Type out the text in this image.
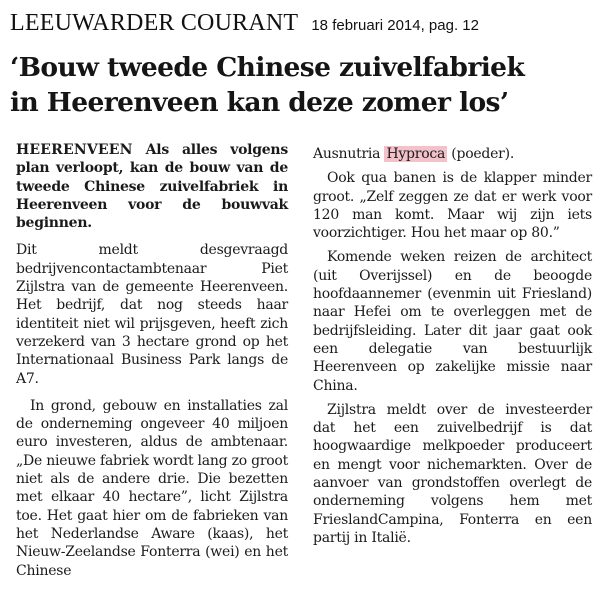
LEEUWARDER COURANT 18 februari 2014, pag. 12
‘Bouw tweede Chinese zuivelfabriek
in Heerenveen kan deze zomer los’

HEERENVEEN Als alles volgens plan verloopt, kan de bouw van de tweede Chinese zuivelfabriek in Heerenveen voor de bouwvak beginnen.

Dit meldt desgevraagd bedrijvencontactambtenaar Piet Zijlstra van de gemeente Heerenveen. Het bedrijf, dat nog steeds haar identiteit niet wil prijsgeven, heeft zich verzekerd van 3 hectare grond op het Internationaal Business Park langs de A7.

In grond, gebouw en installaties zal de onderneming ongeveer 40 miljoen euro investeren, aldus de ambtenaar. „De nieuwe fabriek wordt lang zo groot niet als de andere drie. Die bezetten met elkaar 40 hectare”, licht Zijlstra toe. Het gaat hier om de fabrieken van het Nederlandse Aware (kaas), het Nieuw-Zeelandse Fonterra (wei) en het Chinese

Ausnutria Hyproca (poeder).

Ook qua banen is de klapper minder groot. „Zelf zeggen ze dat er werk voor 120 man komt. Maar wij zijn iets voorzichtiger. Hou het maar op 80.”

Komende weken reizen de architect (uit Overijssel) en de beoogde hoofdaannemer (evenmin uit Friesland) naar Hefei om te overleggen met de bedrijfsleiding. Later dit jaar gaat ook een delegatie van bestuurlijk Heerenveen op zakelijke missie naar China.

Zijlstra meldt over de investeerder dat het een zuivelbedrijf is dat hoogwaardige melkpoeder produceert en mengt voor nichemarkten. Over de aanvoer van grondstoffen overlegt de onderneming volgens hem met FrieslandCampina, Fonterra en een partij in Italië.
